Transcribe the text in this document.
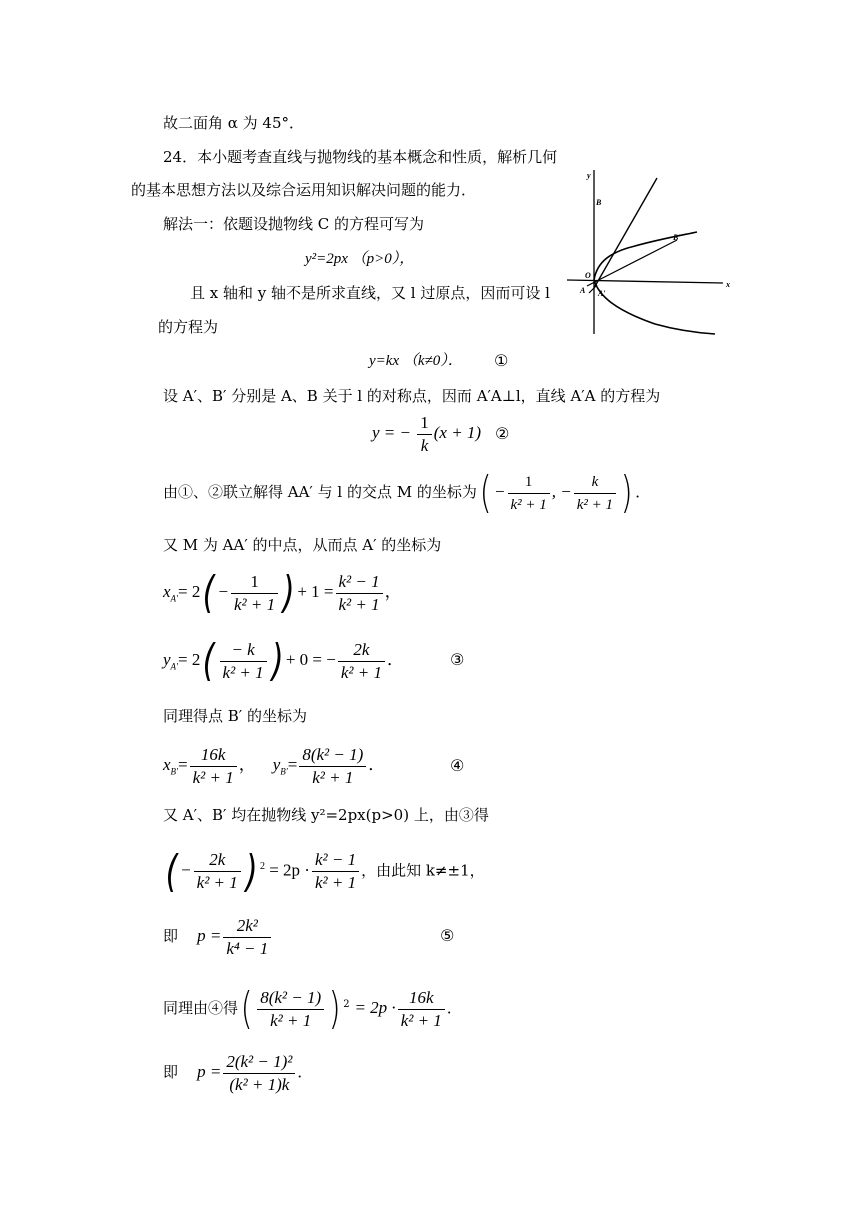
故二面角 α 为 45°．
24．本小题考查直线与抛物线的基本概念和性质，解析几何
的基本思想方法以及综合运用知识解决问题的能力．
解法一：依题设抛物线 C 的方程可写为
y²=2px （p>0），
且 x 轴和 y 轴不是所求直线，又 l 过原点，因而可设 l
的方程为
y=kx （k≠0）． ①
y
x
B
B′
O
A A′
设 A′、B′ 分别是 A、B 关于 l 的对称点，因而 A′A⊥l，直线 A′A 的方程为
y = − $\frac{1}{k} (x + 1)$ ②
由①、②联立解得 AA′ 与 l 的交点 M 的坐标为( − $\frac{1}{\text{k² + 1}}$ , − $\frac{k}{\text{k² + 1}}$ ) ．
又 M 为 AA′ 的中点，从而点 A′ 的坐标为
$x_{A'}= 2( - \frac{1}{\text{k² + 1}}$ ) + $1 = \frac{\text{k² − 1}}{\text{k² + 1}}$ ，
$y_{A'}= 2( \frac{- k}{\text{k² + 1}}$ ) + 0 = − $\frac{2k}{\text{k² + 1}}$ ．	③
同理得点 B′ 的坐标为
$x_{B'}= \frac{16k}{\text{k² + 1}}$ ， $y_{B'}= \frac{\text{8(k² − 1)}}{\text{k² + 1}}$ ．	④
又 A′、B′ 均在抛物线 y²=2px(p>0) 上，由③得
( − $\frac{2k}{\text{k² + 1}}$ ) $^2 = 2p \cdot \frac{\text{k² − 1}}{\text{k² + 1}}$ ，由此知 k≠±1，
即 $p = \frac{\text{2k²}}{\text{k⁴ − 1}}$	⑤
同理由④得( $\frac{\text{8(k² − 1)}}{\text{k² + 1}}$ ) $^2 = 2p \cdot \frac{16k}{\text{k² + 1}}$ ．
即 $p = \frac{\text{2(k² − 1)²}}{\text{(k² + 1)k}}$ ．
